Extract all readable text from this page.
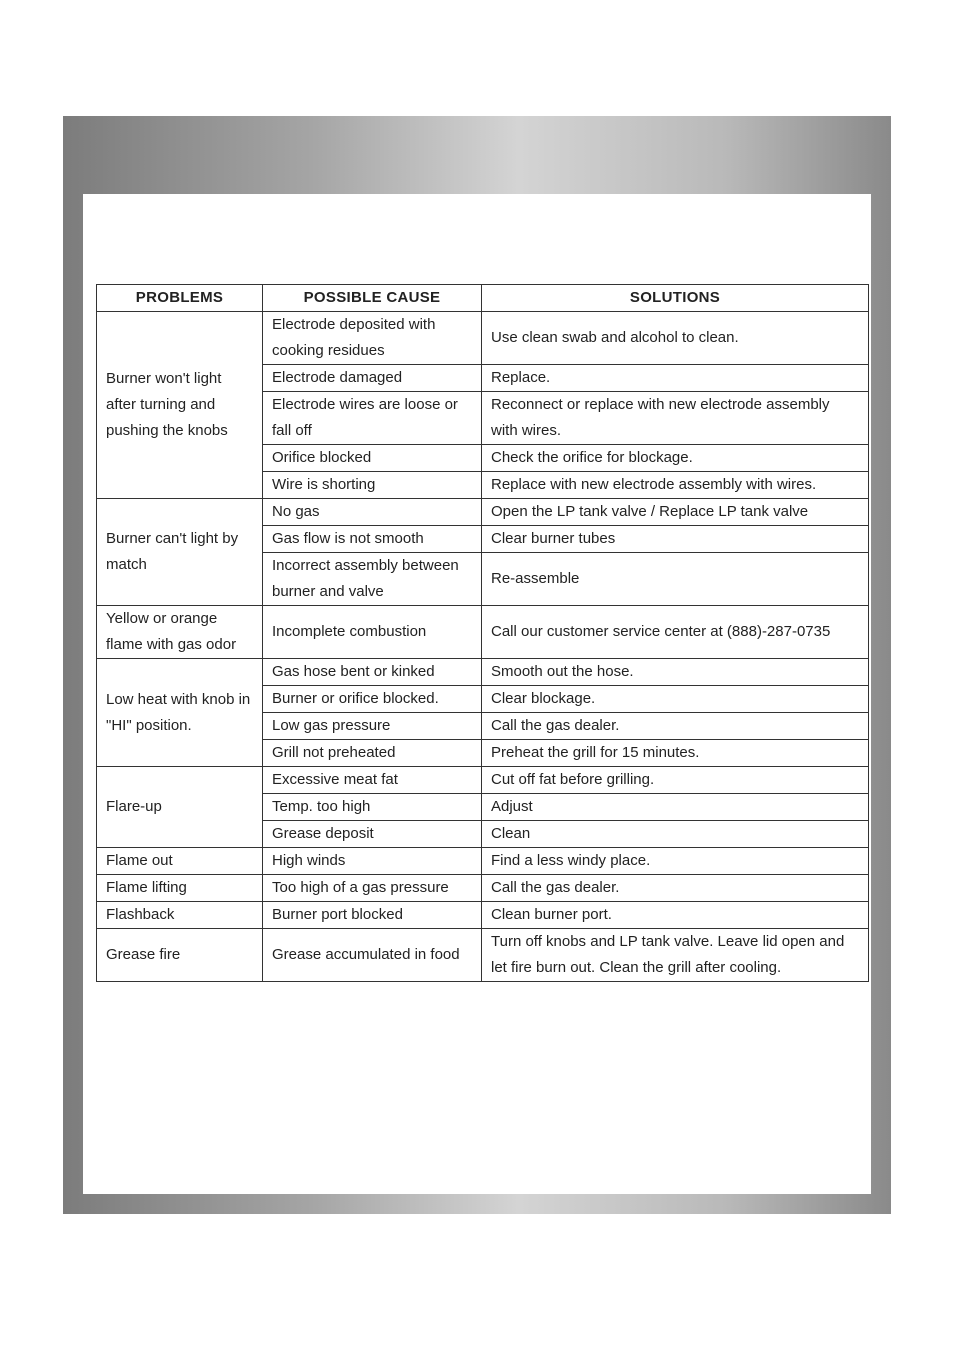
PROBLEMS	POSSIBLE CAUSE	SOLUTIONS
Burner won't light after turning and pushing the knobs	Electrode deposited with cooking residues	Use clean swab and alcohol to clean.
	Electrode damaged	Replace.
	Electrode wires are loose or fall off	Reconnect or replace with new electrode assembly with wires.
	Orifice blocked	Check the orifice for blockage.
	Wire is shorting	Replace with new electrode assembly with wires.
Burner can't light by match	No gas	Open the LP tank valve / Replace LP tank valve
	Gas flow is not smooth	Clear burner tubes
	Incorrect assembly between burner and valve	Re-assemble
Yellow or orange flame with gas odor	Incomplete combustion	Call our customer service center at (888)-287-0735
Low heat with knob in "HI" position.	Gas hose bent or kinked	Smooth out the hose.
	Burner or orifice blocked.	Clear blockage.
	Low gas pressure	Call the gas dealer.
	Grill not preheated	Preheat the grill for 15 minutes.
Flare-up	Excessive meat fat	Cut off fat before grilling.
	Temp. too high	Adjust
	Grease deposit	Clean
Flame out	High winds	Find a less windy place.
Flame lifting	Too high of a gas pressure	Call the gas dealer.
Flashback	Burner port blocked	Clean burner port.
Grease fire	Grease accumulated in food	Turn off knobs and LP tank valve. Leave lid open and let fire burn out. Clean the grill after cooling.
